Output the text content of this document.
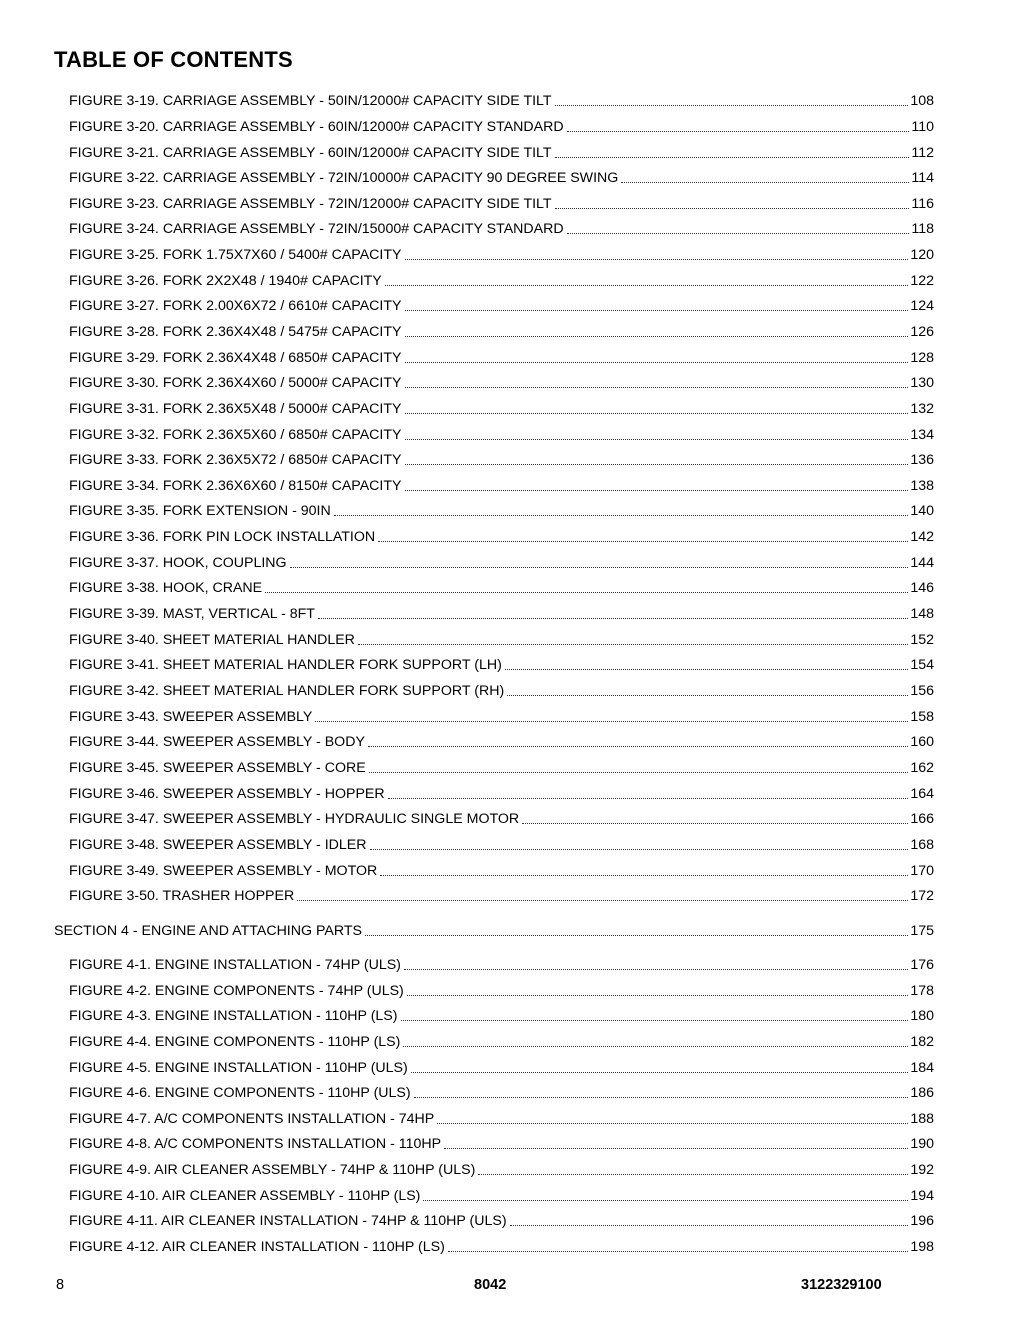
TABLE OF CONTENTS
FIGURE 3-19. CARRIAGE ASSEMBLY - 50IN/12000# CAPACITY SIDE TILT	108
FIGURE 3-20. CARRIAGE ASSEMBLY - 60IN/12000# CAPACITY STANDARD	110
FIGURE 3-21. CARRIAGE ASSEMBLY - 60IN/12000# CAPACITY SIDE TILT	112
FIGURE 3-22. CARRIAGE ASSEMBLY - 72IN/10000# CAPACITY 90 DEGREE SWING	114
FIGURE 3-23. CARRIAGE ASSEMBLY - 72IN/12000# CAPACITY SIDE TILT	116
FIGURE 3-24. CARRIAGE ASSEMBLY - 72IN/15000# CAPACITY STANDARD	118
FIGURE 3-25. FORK 1.75X7X60 / 5400# CAPACITY	120
FIGURE 3-26. FORK 2X2X48 / 1940# CAPACITY	122
FIGURE 3-27. FORK 2.00X6X72 / 6610# CAPACITY	124
FIGURE 3-28. FORK 2.36X4X48 / 5475# CAPACITY	126
FIGURE 3-29. FORK 2.36X4X48 / 6850# CAPACITY	128
FIGURE 3-30. FORK 2.36X4X60 / 5000# CAPACITY	130
FIGURE 3-31. FORK 2.36X5X48 / 5000# CAPACITY	132
FIGURE 3-32. FORK 2.36X5X60 / 6850# CAPACITY	134
FIGURE 3-33. FORK 2.36X5X72 / 6850# CAPACITY	136
FIGURE 3-34. FORK 2.36X6X60 / 8150# CAPACITY	138
FIGURE 3-35. FORK EXTENSION - 90IN	140
FIGURE 3-36. FORK PIN LOCK INSTALLATION	142
FIGURE 3-37. HOOK, COUPLING	144
FIGURE 3-38. HOOK, CRANE	146
FIGURE 3-39. MAST, VERTICAL - 8FT	148
FIGURE 3-40. SHEET MATERIAL HANDLER	152
FIGURE 3-41. SHEET MATERIAL HANDLER FORK SUPPORT (LH)	154
FIGURE 3-42. SHEET MATERIAL HANDLER FORK SUPPORT (RH)	156
FIGURE 3-43. SWEEPER ASSEMBLY	158
FIGURE 3-44. SWEEPER ASSEMBLY - BODY	160
FIGURE 3-45. SWEEPER ASSEMBLY - CORE	162
FIGURE 3-46. SWEEPER ASSEMBLY - HOPPER	164
FIGURE 3-47. SWEEPER ASSEMBLY - HYDRAULIC SINGLE MOTOR	166
FIGURE 3-48. SWEEPER ASSEMBLY - IDLER	168
FIGURE 3-49. SWEEPER ASSEMBLY - MOTOR	170
FIGURE 3-50. TRASHER HOPPER	172
SECTION 4 - ENGINE AND ATTACHING PARTS	175
FIGURE 4-1. ENGINE INSTALLATION - 74HP (ULS)	176
FIGURE 4-2. ENGINE COMPONENTS - 74HP (ULS)	178
FIGURE 4-3. ENGINE INSTALLATION - 110HP (LS)	180
FIGURE 4-4. ENGINE COMPONENTS - 110HP (LS)	182
FIGURE 4-5. ENGINE INSTALLATION - 110HP (ULS)	184
FIGURE 4-6. ENGINE COMPONENTS - 110HP (ULS)	186
FIGURE 4-7. A/C COMPONENTS INSTALLATION - 74HP	188
FIGURE 4-8. A/C COMPONENTS INSTALLATION - 110HP	190
FIGURE 4-9. AIR CLEANER ASSEMBLY - 74HP & 110HP (ULS)	192
FIGURE 4-10. AIR CLEANER ASSEMBLY - 110HP (LS)	194
FIGURE 4-11. AIR CLEANER INSTALLATION - 74HP & 110HP (ULS)	196
FIGURE 4-12. AIR CLEANER INSTALLATION - 110HP (LS)	198
8	8042	3122329100
